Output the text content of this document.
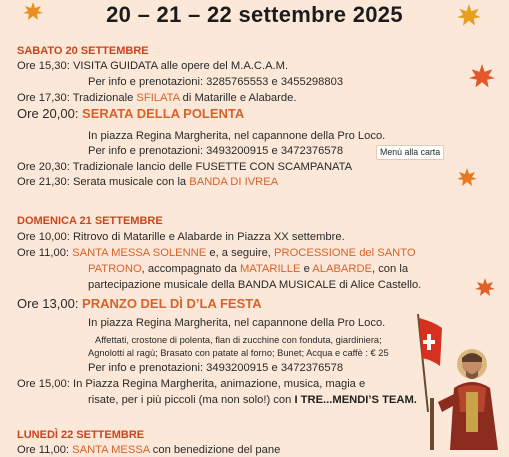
20 – 21 – 22 settembre 2025
SABATO 20 SETTEMBRE
Ore 15,30: VISITA GUIDATA alle opere del M.A.C.A.M.
Per info e prenotazioni: 3285765553 e 3455298803
Ore 17,30: Tradizionale SFILATA di Matarille e Alabarde.
Ore 20,00: SERATA DELLA POLENTA
In piazza Regina Margherita, nel capannone della Pro Loco.
Per info e prenotazioni: 3493200915 e 3472376578	Menù alla carta
Ore 20,30: Tradizionale lancio delle FUSETTE CON SCAMPANATA
Ore 21,30: Serata musicale con la BANDA DI IVREA
DOMENICA 21 SETTEMBRE
Ore 10,00: Ritrovo di Matarille e Alabarde in Piazza XX settembre.
Ore 11,00: SANTA MESSA SOLENNE e, a seguire, PROCESSIONE del SANTO
PATRONO, accompagnato da MATARILLE e ALABARDE, con la
partecipazione musicale della BANDA MUSICALE di Alice Castello.
Ore 13,00: PRANZO DEL DÌ D’LA FESTA
In piazza Regina Margherita, nel capannone della Pro Loco.
Affettati, crostone di polenta, flan di zucchine con fonduta, giardiniera;
Agnolotti al ragù; Brasato con patate al forno; Bunet; Acqua e caffè : € 25
Per info e prenotazioni: 3493200915 e 3472376578
Ore 15,00: In Piazza Regina Margherita, animazione, musica, magia e
risate, per i più piccoli (ma non solo!) con I TRE...MENDI’S TEAM.
LUNEDÌ 22 SETTEMBRE
Ore 11,00: SANTA MESSA con benedizione del pane
